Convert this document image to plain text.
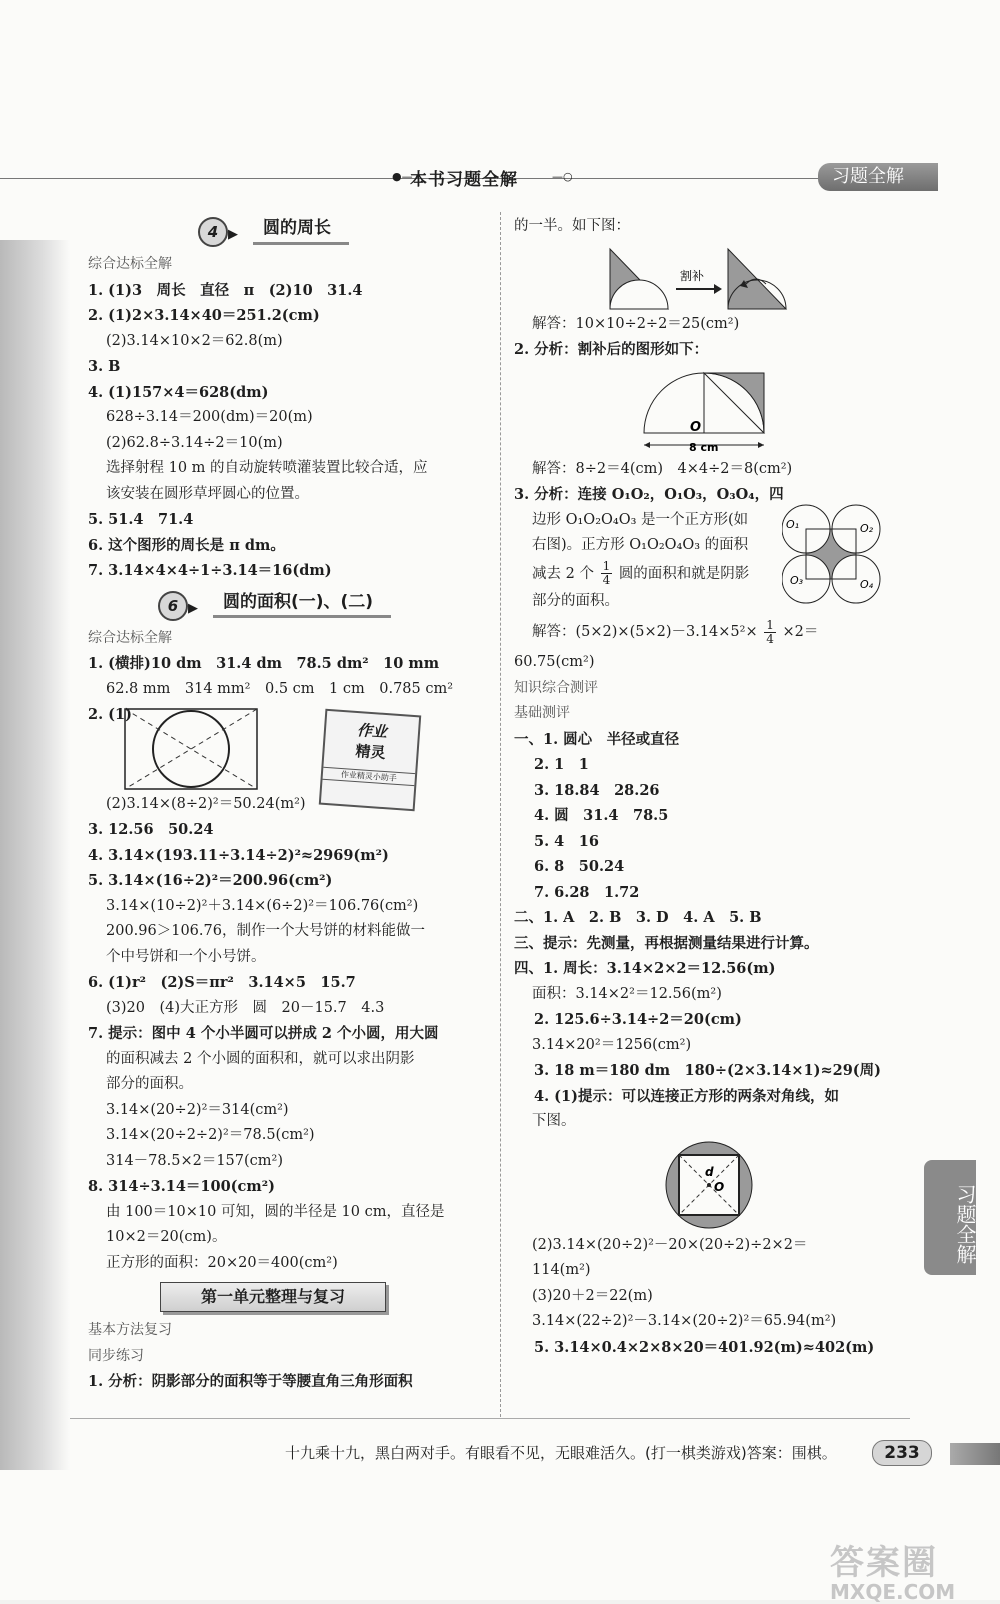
●—
本书习题全解	—○	习题全解
4 ▶	圆的周长
综合达标全解
1. (1)3　周长　直径　π　(2)10　31.4
2. (1)2×3.14×40＝251.2(cm)
(2)3.14×10×2＝62.8(m)
3. B
4. (1)157×4＝628(dm)
628÷3.14＝200(dm)＝20(m)
(2)62.8÷3.14÷2＝10(m)
选择射程 10 m 的自动旋转喷灌装置比较合适，应
该安装在圆形草坪圆心的位置。
5. 51.4　71.4
6. 这个图形的周长是 π dm。
7. 3.14×4×4÷1÷3.14＝16(dm)
6 ▶	圆的面积(一)、(二)
综合达标全解
1. (横排)10 dm　31.4 dm　78.5 dm²　10 mm
62.8 mm　314 mm²　0.5 cm　1 cm　0.785 cm²
2. (1)
(2)3.14×(8÷2)²＝50.24(m²)
3. 12.56　50.24
4. 3.14×(193.11÷3.14÷2)²≈2969(m²)
5. 3.14×(16÷2)²＝200.96(cm²)
3.14×(10÷2)²＋3.14×(6÷2)²＝106.76(cm²)
200.96＞106.76，制作一个大号饼的材料能做一
个中号饼和一个小号饼。
6. (1)r²　(2)S＝πr²　3.14×5　15.7
(3)20　(4)大正方形　圆　20－15.7　4.3
7. 提示：图中 4 个小半圆可以拼成 2 个小圆，用大圆
的面积减去 2 个小圆的面积和，就可以求出阴影
部分的面积。
3.14×(20÷2)²＝314(cm²)
3.14×(20÷2÷2)²＝78.5(cm²)
314－78.5×2＝157(cm²)
8. 314÷3.14＝100(cm²)
由 100＝10×10 可知，圆的半径是 10 cm，直径是
10×2＝20(cm)。
正方形的面积：20×20＝400(cm²)
第一单元整理与复习
基本方法复习
同步练习
1. 分析：阴影部分的面积等于等腰直角三角形面积
作业
精灵
作业精灵小助手
的一半。如下图：
割补
解答：10×10÷2÷2＝25(cm²)
2. 分析：割补后的图形如下：
O
8 cm
解答：8÷2＝4(cm)　4×4÷2＝8(cm²)
3. 分析：连接 O₁O₂，O₁O₃，O₃O₄，四
边形 O₁O₂O₄O₃ 是一个正方形(如
右图)。正方形 O₁O₂O₄O₃ 的面积
减去 2 个 $\frac{1}{4}$ 圆的面积和就是阴影
部分的面积。
解答：$(5\times 2)\times(5\times 2)-3.14\times 5^2\times \frac{1}{4} \times 2=$
60.75(cm²)
知识综合测评
基础测评
一、1. 圆心　半径或直径
2. 1　1
3. 18.84　28.26
4. 圆　31.4　78.5
5. 4　16
6. 8　50.24
7. 6.28　1.72
二、1. A　2. B　3. D　4. A　5. B
三、提示：先测量，再根据测量结果进行计算。
四、1. 周长：3.14×2×2＝12.56(m)
面积：3.14×2²＝12.56(m²)
2. 125.6÷3.14÷2＝20(cm)
3.14×20²＝1256(cm²)
3. 18 m＝180 dm　180÷(2×3.14×1)≈29(周)
4. (1)提示：可以连接正方形的两条对角线，如
下图。
d
O
(2)3.14×(20÷2)²－20×(20÷2)÷2×2＝
114(m²)
(3)20＋2＝22(m)
3.14×(22÷2)²－3.14×(20÷2)²＝65.94(m²)
5. 3.14×0.4×2×8×20＝401.92(m)≈402(m)
O₁	O₂
O₃	O₄
习题全解
十九乘十九，黑白两对手。有眼看不见，无眼难活久。(打一棋类游戏)答案：围棋。	233
答案圈
MXQE.COM
